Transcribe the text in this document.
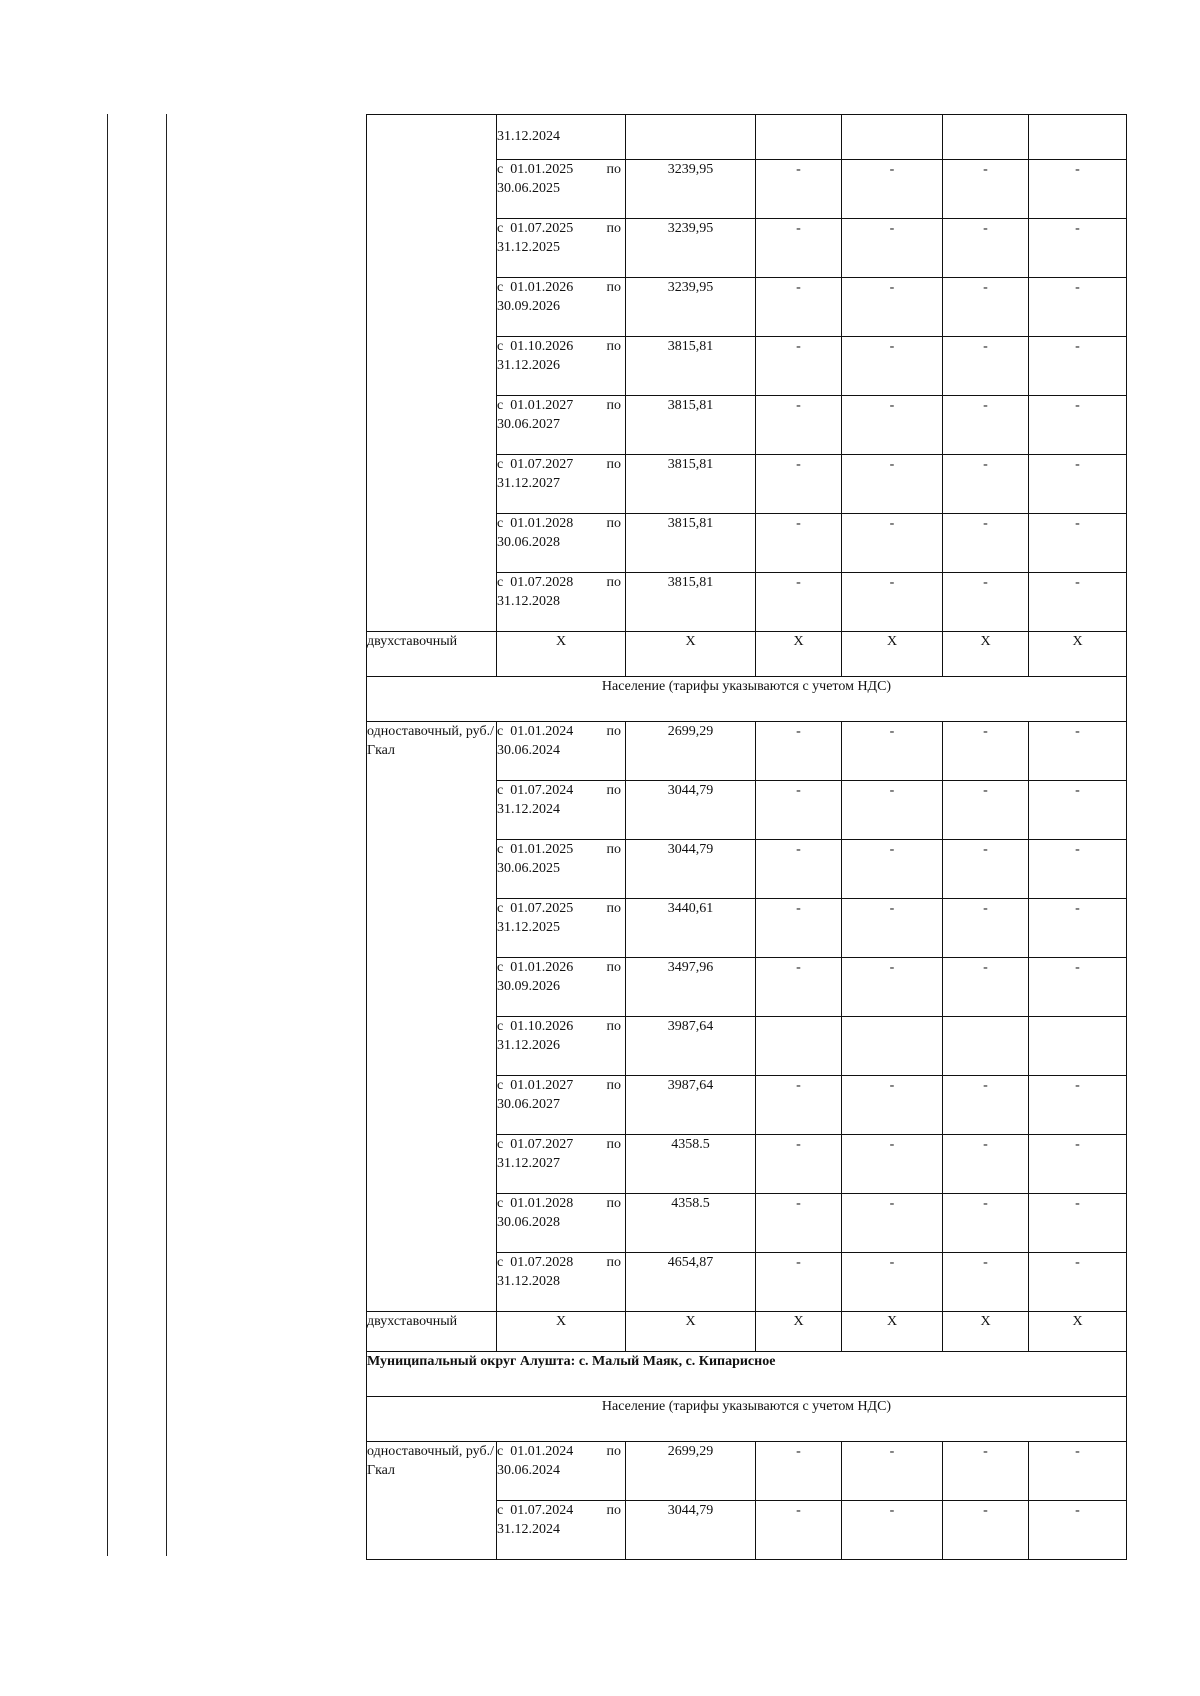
	31.12.2024					

	с 01.01.2025 по
30.06.2025	3239,95	-	-	-	-

	с 01.07.2025 по
31.12.2025	3239,95	-	-	-	-

	с 01.01.2026 по
30.09.2026	3239,95	-	-	-	-

	с 01.10.2026 по
31.12.2026	3815,81	-	-	-	-

	с 01.01.2027 по
30.06.2027	3815,81	-	-	-	-

	с 01.07.2027 по
31.12.2027	3815,81	-	-	-	-

	с 01.01.2028 по
30.06.2028	3815,81	-	-	-	-

	с 01.07.2028 по
31.12.2028	3815,81	-	-	-	-
двухставочный	X	X	X	X	X	X
Население (тарифы указываются с учетом НДС)						
одноставочный, руб./Гкал	с 01.01.2024 по
30.06.2024	2699,29	-	-	-	-

	с 01.07.2024 по
31.12.2024	3044,79	-	-	-	-

	с 01.01.2025 по
30.06.2025	3044,79	-	-	-	-

	с 01.07.2025 по
31.12.2025	3440,61	-	-	-	-

	с 01.01.2026 по
30.09.2026	3497,96	-	-	-	-

	с 01.10.2026 по
31.12.2026	3987,64				

	с 01.01.2027 по
30.06.2027	3987,64	-	-	-	-

	с 01.07.2027 по
31.12.2027	4358.5	-	-	-	-

	с 01.01.2028 по
30.06.2028	4358.5	-	-	-	-

	с 01.07.2028 по
31.12.2028	4654,87	-	-	-	-
двухставочный	X	X	X	X	X	X
Муниципальный округ Алушта: с. Малый Маяк, с. Кипарисное						
Население (тарифы указываются с учетом НДС)						
одноставочный, руб./Гкал	с 01.01.2024 по
30.06.2024	2699,29	-	-	-	-

	с 01.07.2024 по
31.12.2024	3044,79	-	-	-	-
